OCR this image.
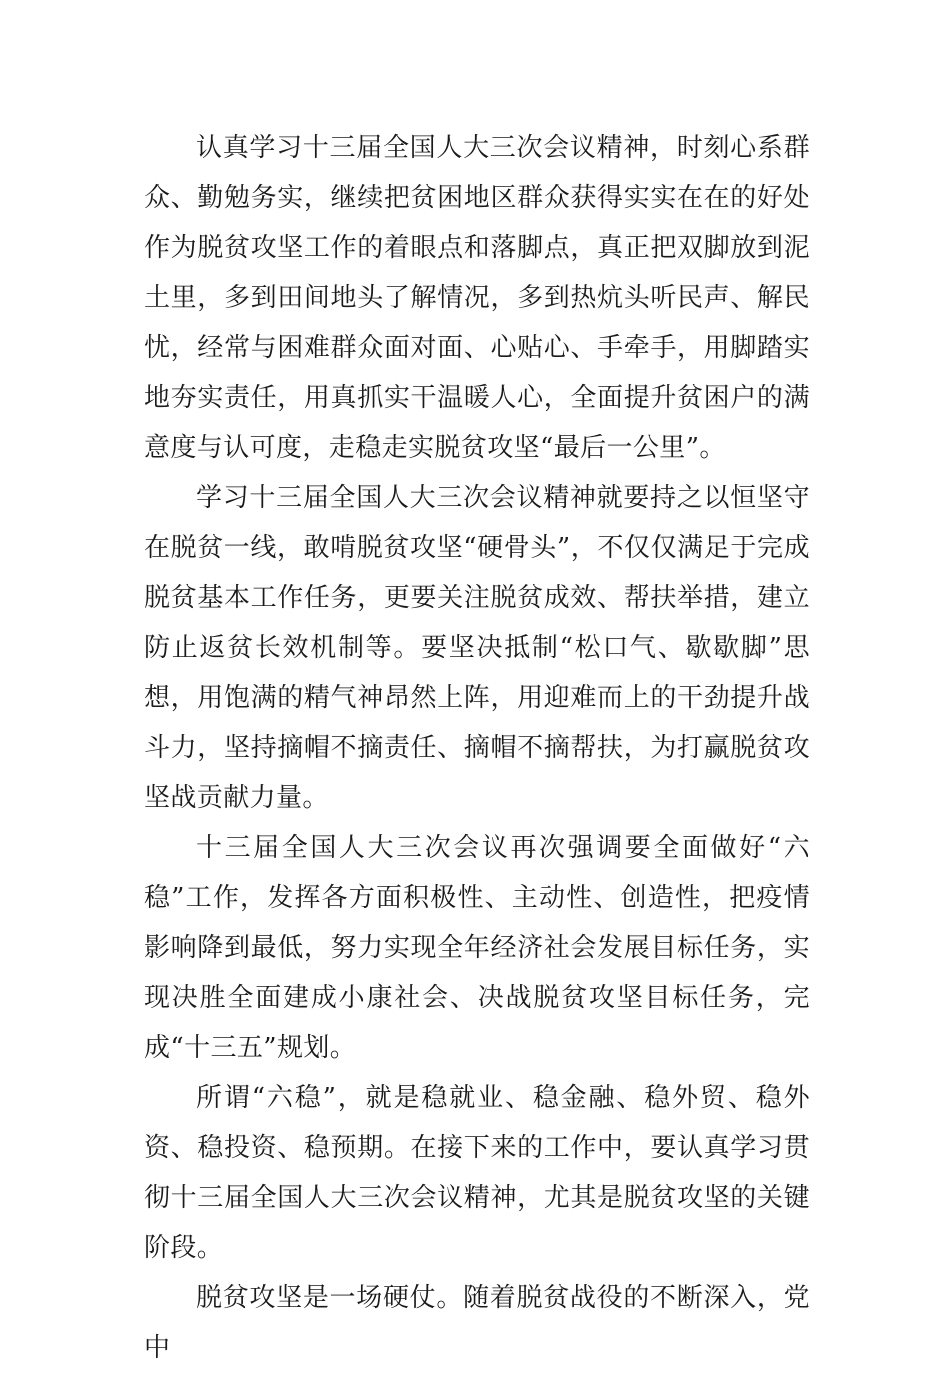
认真学习十三届全国人大三次会议精神，时刻心系群众、勤勉务实，继续把贫困地区群众获得实实在在的好处作为脱贫攻坚工作的着眼点和落脚点，真正把双脚放到泥土里，多到田间地头了解情况，多到热炕头听民声、解民忧，经常与困难群众面对面、心贴心、手牵手，用脚踏实地夯实责任，用真抓实干温暖人心，全面提升贫困户的满意度与认可度，走稳走实脱贫攻坚“最后一公里”。

学习十三届全国人大三次会议精神就要持之以恒坚守在脱贫一线，敢啃脱贫攻坚“硬骨头”，不仅仅满足于完成脱贫基本工作任务，更要关注脱贫成效、帮扶举措，建立防止返贫长效机制等。要坚决抵制“松口气、歇歇脚”思想，用饱满的精气神昂然上阵，用迎难而上的干劲提升战斗力，坚持摘帽不摘责任、摘帽不摘帮扶，为打赢脱贫攻坚战贡献力量。

十三届全国人大三次会议再次强调要全面做好“六稳”工作，发挥各方面积极性、主动性、创造性，把疫情影响降到最低，努力实现全年经济社会发展目标任务，实现决胜全面建成小康社会、决战脱贫攻坚目标任务，完成“十三五”规划。

所谓“六稳”，就是稳就业、稳金融、稳外贸、稳外资、稳投资、稳预期。在接下来的工作中，要认真学习贯彻十三届全国人大三次会议精神，尤其是脱贫攻坚的关键阶段。

脱贫攻坚是一场硬仗。随着脱贫战役的不断深入，党中
